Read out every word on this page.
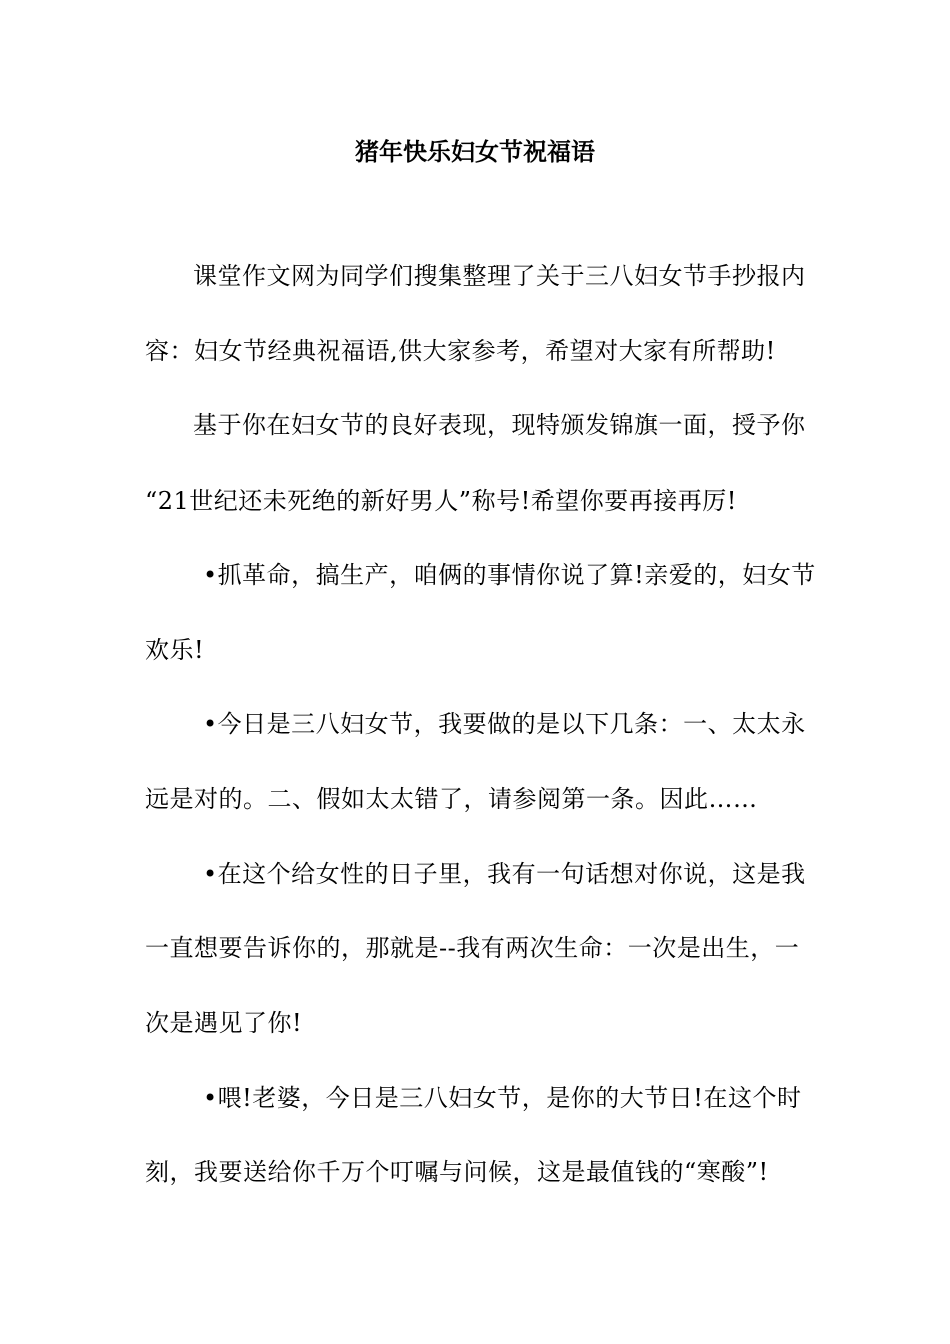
猪年快乐妇女节祝福语
课堂作文网为同学们搜集整理了关于三八妇女节手抄报内
容：妇女节经典祝福语,供大家参考，希望对大家有所帮助!
基于你在妇女节的良好表现，现特颁发锦旗一面，授予你
“21世纪还未死绝的新好男人”称号!希望你要再接再厉!
•抓革命，搞生产，咱俩的事情你说了算!亲爱的，妇女节
欢乐!
•今日是三八妇女节，我要做的是以下几条：一、太太永
远是对的。二、假如太太错了，请参阅第一条。因此……
•在这个给女性的日子里，我有一句话想对你说，这是我
一直想要告诉你的，那就是--我有两次生命：一次是出生，一
次是遇见了你!
•喂!老婆，今日是三八妇女节，是你的大节日!在这个时
刻，我要送给你千万个叮嘱与问候，这是最值钱的“寒酸”!
